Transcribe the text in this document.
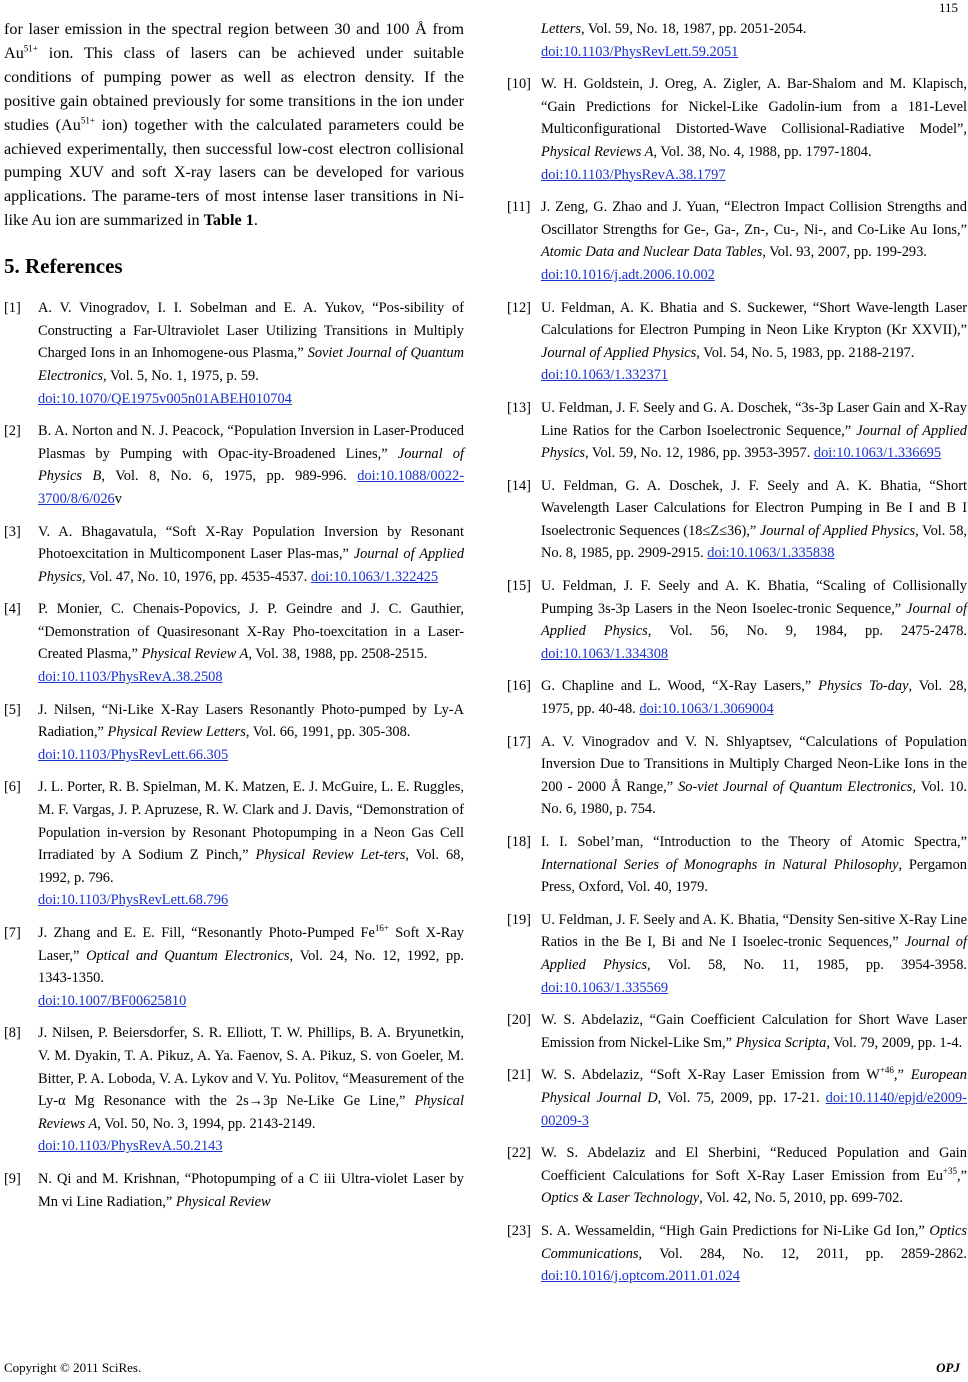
115

for laser emission in the spectral region between 30 and 100 Å from $Au^{51+}$ ion. This class of lasers can be achieved under suitable conditions of pumping power as well as electron density. If the positive gain obtained previously for some transitions in the ion under studies ($Au^{51+}$ ion) together with the calculated parameters could be achieved experimentally, then successful low-cost electron collisional pumping XUV and soft X-ray lasers can be developed for various applications. The parame-ters of most intense laser transitions in Ni-like Au ion are summarized in Table 1.

5. References
[1]	A. V. Vinogradov, I. I. Sobelman and E. A. Yukov, “Pos-sibility of Constructing a Far-Ultraviolet Laser Utilizing Transitions in Multiply Charged Ions in an Inhomogene-ous Plasma,” Soviet Journal of Quantum Electronics, Vol. 5, No. 1, 1975, p. 59.
doi:10.1070/QE1975v005n01ABEH010704
[2]	B. A. Norton and N. J. Peacock, “Population Inversion in Laser-Produced Plasmas by Pumping with Opac-ity-Broadened Lines,” Journal of Physics B, Vol. 8, No. 6, 1975, pp. 989-996. doi:10.1088/0022-3700/8/6/026v
[3]	V. A. Bhagavatula, “Soft X-Ray Population Inversion by Resonant Photoexcitation in Multicomponent Laser Plas-mas,” Journal of Applied Physics, Vol. 47, No. 10, 1976, pp. 4535-4537. doi:10.1063/1.322425
[4]	P. Monier, C. Chenais-Popovics, J. P. Geindre and J. C. Gauthier, “Demonstration of Quasiresonant X-Ray Pho-toexcitation in a Laser-Created Plasma,” Physical Review A, Vol. 38, 1988, pp. 2508-2515.
doi:10.1103/PhysRevA.38.2508
[5]	J. Nilsen, “Ni-Like X-Ray Lasers Resonantly Photo-pumped by Ly-A Radiation,” Physical Review Letters, Vol. 66, 1991, pp. 305-308.
doi:10.1103/PhysRevLett.66.305
[6]	J. L. Porter, R. B. Spielman, M. K. Matzen, E. J. McGuire, L. E. Ruggles, M. F. Vargas, J. P. Apruzese, R. W. Clark and J. Davis, “Demonstration of Population in-version by Resonant Photopumping in a Neon Gas Cell Irradiated by A Sodium Z Pinch,” Physical Review Let-ters, Vol. 68, 1992, p. 796.
doi:10.1103/PhysRevLett.68.796
[7]	J. Zhang and E. E. Fill, “Resonantly Photo-Pumped $Fe^{16+}$ Soft X-Ray Laser,” Optical and Quantum Electronics, Vol. 24, No. 12, 1992, pp. 1343-1350.
doi:10.1007/BF00625810
[8]	J. Nilsen, P. Beiersdorfer, S. R. Elliott, T. W. Phillips, B. A. Bryunetkin, V. M. Dyakin, T. A. Pikuz, A. Ya. Faenov, S. A. Pikuz, S. von Goeler, M. Bitter, P. A. Loboda, V. A. Lykov and V. Yu. Politov, “Measurement of the Ly-α Mg Resonance with the 2s→3p Ne-Like Ge Line,” Physical Reviews A, Vol. 50, No. 3, 1994, pp. 2143-2149.
doi:10.1103/PhysRevA.50.2143
[9]	N. Qi and M. Krishnan, “Photopumping of a C iii Ultra-violet Laser by Mn vi Line Radiation,” Physical Review
Letters, Vol. 59, No. 18, 1987, pp. 2051-2054.
doi:10.1103/PhysRevLett.59.2051
[10] W. H. Goldstein, J. Oreg, A. Zigler, A. Bar-Shalom and M. Klapisch, “Gain Predictions for Nickel-Like Gadolin-ium from a 181-Level Multiconfigurational Distorted-Wave Collisional-Radiative Model”, Physical Reviews A, Vol. 38, No. 4, 1988, pp. 1797-1804.
doi:10.1103/PhysRevA.38.1797
[11] J. Zeng, G. Zhao and J. Yuan, “Electron Impact Collision Strengths and Oscillator Strengths for Ge-, Ga-, Zn-, Cu-, Ni-, and Co-Like Au Ions,” Atomic Data and Nuclear Data Tables, Vol. 93, 2007, pp. 199-293.
doi:10.1016/j.adt.2006.10.002
[12] U. Feldman, A. K. Bhatia and S. Suckewer, “Short Wave-length Laser Calculations for Electron Pumping in Neon Like Krypton (Kr XXVII),” Journal of Applied Physics, Vol. 54, No. 5, 1983, pp. 2188-2197.
doi:10.1063/1.332371
[13] U. Feldman, J. F. Seely and G. A. Doschek, “3s-3p Laser Gain and X-Ray Line Ratios for the Carbon Isoelectronic Sequence,” Journal of Applied Physics, Vol. 59, No. 12, 1986, pp. 3953-3957. doi:10.1063/1.336695
[14] U. Feldman, G. A. Doschek, J. F. Seely and A. K. Bhatia, “Short Wavelength Laser Calculations for Electron Pumping in Be I and B I Isoelectronic Sequences (18≤Z≤36),” Journal of Applied Physics, Vol. 58, No. 8, 1985, pp. 2909-2915. doi:10.1063/1.335838
[15] U. Feldman, J. F. Seely and A. K. Bhatia, “Scaling of Collisionally Pumping 3s-3p Lasers in the Neon Isoelec-tronic Sequence,” Journal of Applied Physics, Vol. 56, No. 9, 1984, pp. 2475-2478. doi:10.1063/1.334308
[16] G. Chapline and L. Wood, “X-Ray Lasers,” Physics To-day, Vol. 28, 1975, pp. 40-48. doi:10.1063/1.3069004
[17] A. V. Vinogradov and V. N. Shlyaptsev, “Calculations of Population Inversion Due to Transitions in Multiply Charged Neon-Like Ions in the 200 - 2000 Å Range,” So-viet Journal of Quantum Electronics, Vol. 10. No. 6, 1980, p. 754.
[18] I. I. Sobel’man, “Introduction to the Theory of Atomic Spectra,” International Series of Monographs in Natural Philosophy, Pergamon Press, Oxford, Vol. 40, 1979.
[19] U. Feldman, J. F. Seely and A. K. Bhatia, “Density Sen-sitive X-Ray Line Ratios in the Be I, Bi and Ne I Isoelec-tronic Sequences,” Journal of Applied Physics, Vol. 58, No. 11, 1985, pp. 3954-3958. doi:10.1063/1.335569
[20] W. S. Abdelaziz, “Gain Coefficient Calculation for Short Wave Laser Emission from Nickel-Like Sm,” Physica Scripta, Vol. 79, 2009, pp. 1-4.
[21] W. S. Abdelaziz, “Soft X-Ray Laser Emission from $W^{+46}$,” European Physical Journal D, Vol. 75, 2009, pp. 17-21. doi:10.1140/epjd/e2009-00209-3
[22] W. S. Abdelaziz and El Sherbini, “Reduced Population and Gain Coefficient Calculations for Soft X-Ray Laser Emission from $Eu^{+35}$,” Optics & Laser Technology, Vol. 42, No. 5, 2010, pp. 699-702.
[23] S. A. Wessameldin, “High Gain Predictions for Ni-Like Gd Ion,” Optics Communications, Vol. 284, No. 12, 2011, pp. 2859-2862. doi:10.1016/j.optcom.2011.01.024
Copyright © 2011 SciRes.	OPJ
